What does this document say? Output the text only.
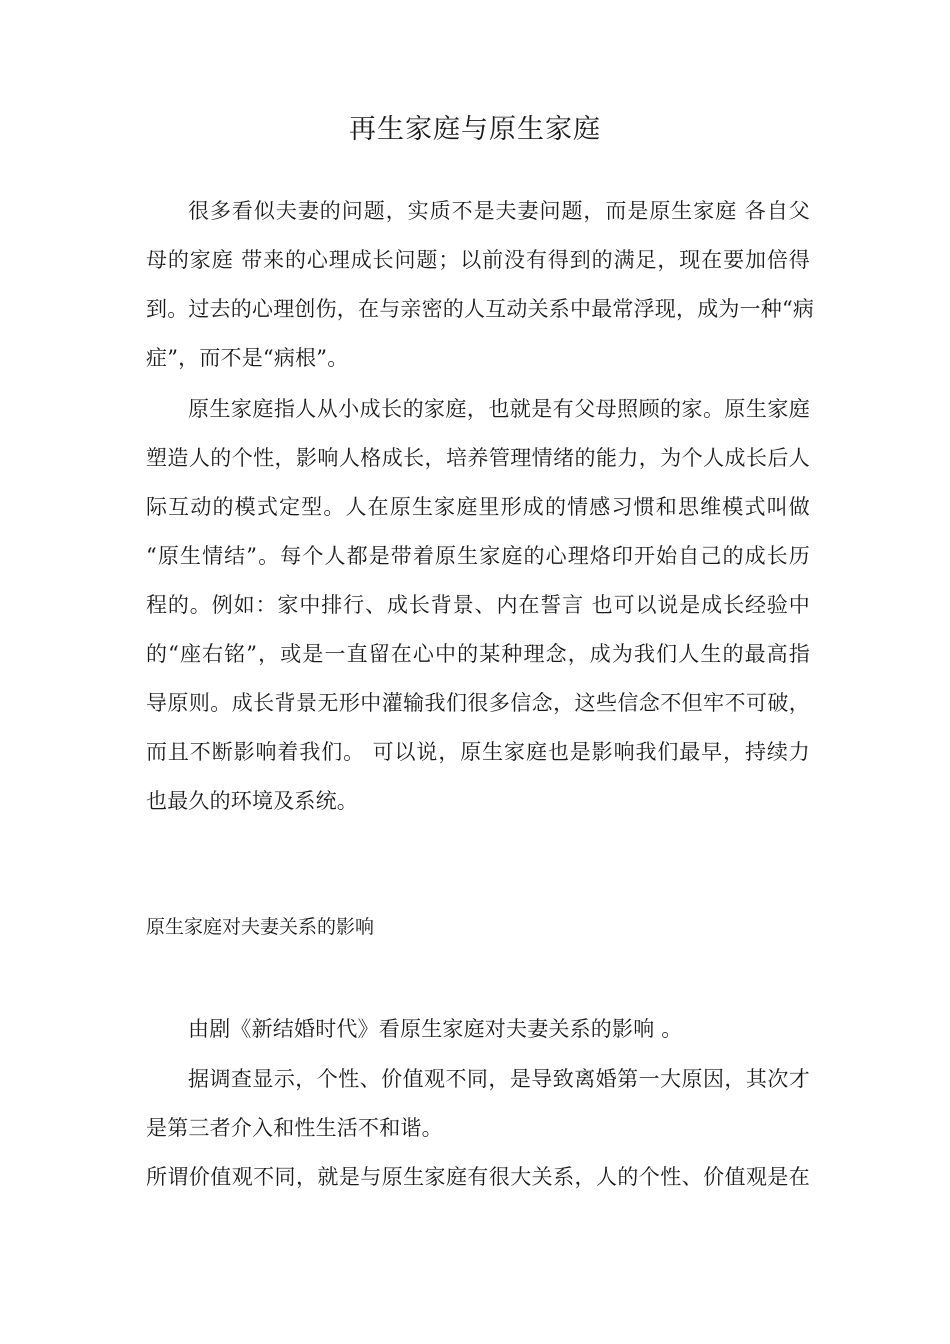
再生家庭与原生家庭
很多看似夫妻的问题，实质不是夫妻问题，而是原生家庭 各自父
母的家庭 带来的心理成长问题；以前没有得到的满足，现在要加倍得
到。过去的心理创伤，在与亲密的人互动关系中最常浮现，成为一种“病
症”，而不是“病根”。
原生家庭指人从小成长的家庭，也就是有父母照顾的家。原生家庭
塑造人的个性，影响人格成长，培养管理情绪的能力，为个人成长后人
际互动的模式定型。人在原生家庭里形成的情感习惯和思维模式叫做
“原生情结”。每个人都是带着原生家庭的心理烙印开始自己的成长历
程的。例如：家中排行、成长背景、内在誓言 也可以说是成长经验中
的“座右铭”，或是一直留在心中的某种理念，成为我们人生的最高指
导原则。成长背景无形中灌输我们很多信念，这些信念不但牢不可破，
而且不断影响着我们。 可以说，原生家庭也是影响我们最早，持续力
也最久的环境及系统。
原生家庭对夫妻关系的影响
由剧《新结婚时代》看原生家庭对夫妻关系的影响 。
据调查显示，个性、价值观不同，是导致离婚第一大原因，其次才
是第三者介入和性生活不和谐。
所谓价值观不同，就是与原生家庭有很大关系，人的个性、价值观是在
